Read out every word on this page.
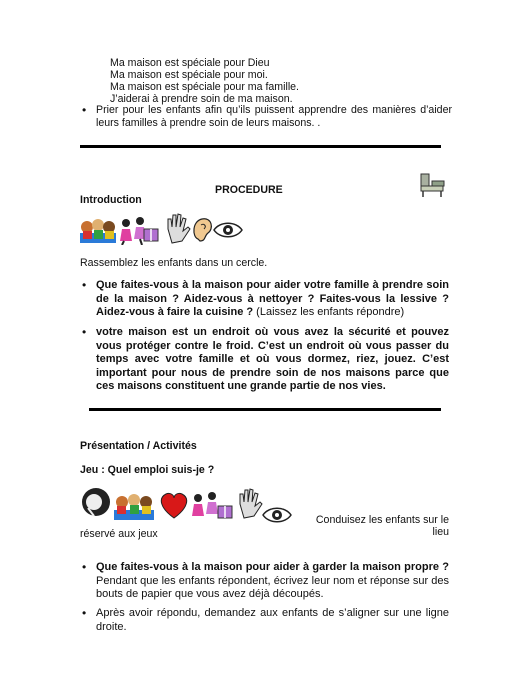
Ma maison est spéciale pour Dieu
Ma maison est spéciale pour moi.
Ma maison est spéciale pour ma famille.
J’aiderai à prendre soin de ma maison.
• Prier pour les enfants afin qu’ils puissent apprendre des manières d’aider leurs familles à prendre soin de leurs maisons. .
PROCEDURE
Introduction
Rassemblez les enfants dans un cercle.
• Que faites-vous à la maison pour aider votre famille à prendre soin de la maison ? Aidez-vous à nettoyer ? Faites-vous la lessive ? Aidez-vous à faire la cuisine ? (Laissez les enfants répondre)
• votre maison est un endroit où vous avez la sécurité et pouvez vous protéger contre le froid. C’est un endroit où vous passer du temps avec votre famille et où vous dormez, riez, jouez. C’est important pour nous de prendre soin de nos maisons parce que ces maisons constituent une grande partie de nos vies.
Présentation / Activités
Jeu : Quel emploi suis-je ?
Conduisez les enfants sur le lieu
réservé aux jeux
• Que faites-vous à la maison pour aider à garder la maison propre ? Pendant que les enfants répondent, écrivez leur nom et réponse sur des bouts de papier que vous avez déjà découpés.
• Après avoir répondu, demandez aux enfants de s’aligner sur une ligne droite.
